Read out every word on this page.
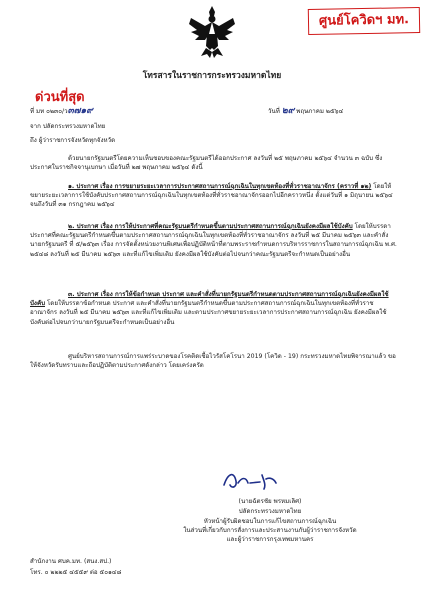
ศูนย์โควิดฯ มท.
โทรสารในราชการกระทรวงมหาดไทย
ด่วนที่สุด
ที่ มท ๐๒๓๐/ว๓๗๑๙	วันที่ ๒๙ พฤษภาคม ๒๕๖๔
จาก ปลัดกระทรวงมหาดไทย
ถึง ผู้ว่าราชการจังหวัดทุกจังหวัด
ด้วยนายกรัฐมนตรีโดยความเห็นชอบของคณะรัฐมนตรีได้ออกประกาศ ลงวันที่ ๒๕ พฤษภาคม ๒๕๖๔ จำนวน ๓ ฉบับ ซึ่งประกาศในราชกิจจานุเบกษา เมื่อวันที่ ๒๗ พฤษภาคม ๒๕๖๔ ดังนี้
๑. ประกาศ เรื่อง การขยายระยะเวลาการประกาศสถานการณ์ฉุกเฉินในทุกเขตท้องที่ทั่วราชอาณาจักร (คราวที่ ๑๒) โดยให้ขยายระยะเวลาการใช้บังคับประกาศสถานการณ์ฉุกเฉินในทุกเขตท้องที่ทั่วราชอาณาจักรออกไปอีกคราวหนึ่ง ตั้งแต่วันที่ ๑ มิถุนายน ๒๕๖๔ จนถึงวันที่ ๓๑ กรกฎาคม ๒๕๖๔
๒. ประกาศ เรื่อง การให้ประกาศที่คณะรัฐมนตรีกำหนดขึ้นตามประกาศสถานการณ์ฉุกเฉินยังคงมีผลใช้บังคับ โดยให้บรรดาประกาศที่คณะรัฐมนตรีกำหนดขึ้นตามประกาศสถานการณ์ฉุกเฉินในทุกเขตท้องที่ทั่วราชอาณาจักร ลงวันที่ ๒๕ มีนาคม ๒๕๖๓ และคำสั่งนายกรัฐมนตรี ที่ ๕/๒๕๖๓ เรื่อง การจัดตั้งหน่วยงานพิเศษเพื่อปฏิบัติหน้าที่ตามพระราชกำหนดการบริหารราชการในสถานการณ์ฉุกเฉิน พ.ศ. ๒๕๔๘ ลงวันที่ ๒๕ มีนาคม ๒๕๖๓ และที่แก้ไขเพิ่มเติม ยังคงมีผลใช้บังคับต่อไปจนกว่าคณะรัฐมนตรีจะกำหนดเป็นอย่างอื่น
๓. ประกาศ เรื่อง การให้ข้อกำหนด ประกาศ และคำสั่งที่นายกรัฐมนตรีกำหนดตามประกาศสถานการณ์ฉุกเฉินยังคงมีผลใช้บังคับ โดยให้บรรดาข้อกำหนด ประกาศ และคำสั่งที่นายกรัฐมนตรีกำหนดขึ้นตามประกาศสถานการณ์ฉุกเฉินในทุกเขตท้องที่ทั่วราชอาณาจักร ลงวันที่ ๒๕ มีนาคม ๒๕๖๓ และที่แก้ไขเพิ่มเติม และตามประกาศขยายระยะเวลาการประกาศสถานการณ์ฉุกเฉิน ยังคงมีผลใช้บังคับต่อไปจนกว่านายกรัฐมนตรีจะกำหนดเป็นอย่างอื่น
ศูนย์บริหารสถานการณ์การแพร่ระบาดของโรคติดเชื้อไวรัสโคโรนา 2019 (โควิด - 19) กระทรวงมหาดไทยพิจารณาแล้ว ขอให้จังหวัดรับทราบและถือปฏิบัติตามประกาศดังกล่าว โดยเคร่งครัด
(นายฉัตรชัย พรหมเลิศ)
ปลัดกระทรวงมหาดไทย
หัวหน้าผู้รับผิดชอบในการแก้ไขสถานการณ์ฉุกเฉิน
ในส่วนที่เกี่ยวกับการสั่งการและประสานงานกับผู้ว่าราชการจังหวัด
และผู้ว่าราชการกรุงเทพมหานคร
สำนักงาน ศบค.มท. (สนง.สป.)
โทร. ๐ ๒๒๒๕ ๔๕๕๙ ต่อ ๕๐๑๔๘
